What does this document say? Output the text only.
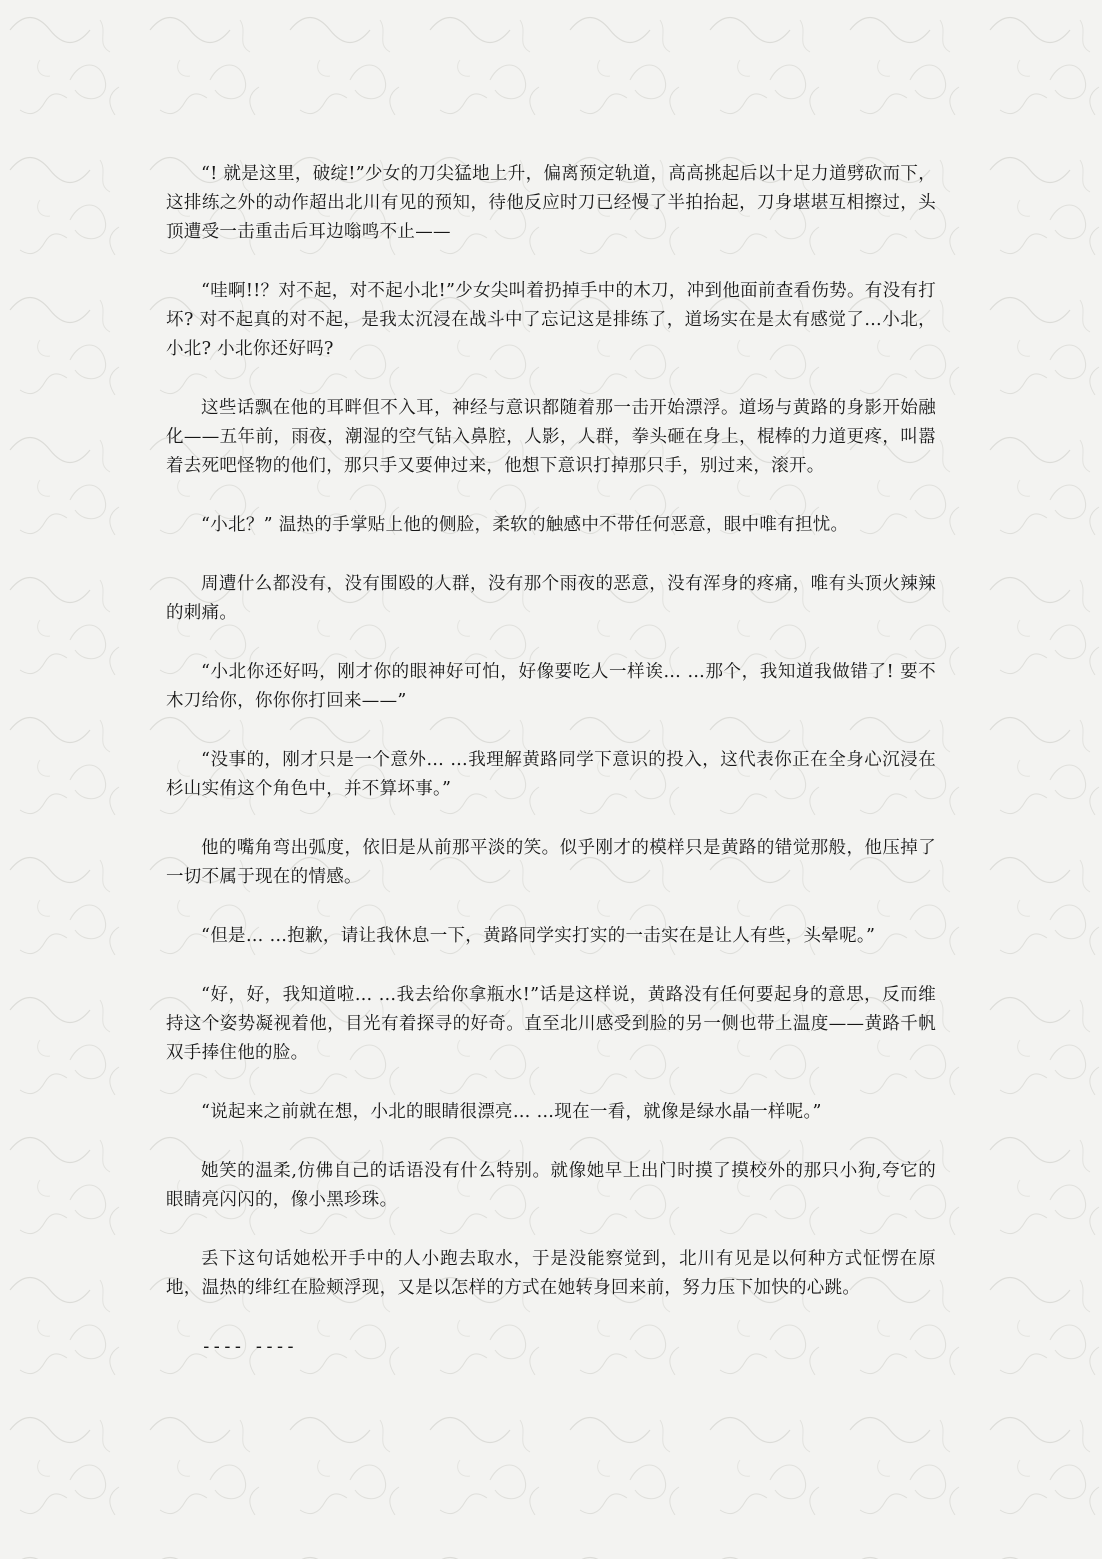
“! 就是这里，破绽!”少女的刀尖猛地上升，偏离预定轨道，高高挑起后以十足力道劈砍而下，这排练之外的动作超出北川有见的预知，待他反应时刀已经慢了半拍抬起，刀身堪堪互相擦过，头顶遭受一击重击后耳边嗡鸣不止——

“哇啊!!？对不起，对不起小北!”少女尖叫着扔掉手中的木刀，冲到他面前查看伤势。有没有打坏? 对不起真的对不起，是我太沉浸在战斗中了忘记这是排练了，道场实在是太有感觉了…小北，小北? 小北你还好吗?

这些话飘在他的耳畔但不入耳，神经与意识都随着那一击开始漂浮。道场与黄路的身影开始融化——五年前，雨夜，潮湿的空气钻入鼻腔，人影，人群，拳头砸在身上，棍棒的力道更疼，叫嚣着去死吧怪物的他们，那只手又要伸过来，他想下意识打掉那只手，别过来，滚开。

“小北？” 温热的手掌贴上他的侧脸，柔软的触感中不带任何恶意，眼中唯有担忧。

周遭什么都没有，没有围殴的人群，没有那个雨夜的恶意，没有浑身的疼痛，唯有头顶火辣辣的刺痛。

“小北你还好吗，刚才你的眼神好可怕，好像要吃人一样诶… …那个，我知道我做错了! 要不木刀给你，你你你打回来——”

“没事的，刚才只是一个意外… …我理解黄路同学下意识的投入，这代表你正在全身心沉浸在杉山实侑这个角色中，并不算坏事。”

他的嘴角弯出弧度，依旧是从前那平淡的笑。似乎刚才的模样只是黄路的错觉那般，他压掉了一切不属于现在的情感。

“但是… …抱歉，请让我休息一下，黄路同学实打实的一击实在是让人有些，头晕呢。”

“好，好，我知道啦… …我去给你拿瓶水!”话是这样说，黄路没有任何要起身的意思，反而维持这个姿势凝视着他，目光有着探寻的好奇。直至北川感受到脸的另一侧也带上温度——黄路千帆双手捧住他的脸。

“说起来之前就在想，小北的眼睛很漂亮… …现在一看，就像是绿水晶一样呢。”

她笑的温柔,仿佛自己的话语没有什么特别。就像她早上出门时摸了摸校外的那只小狗,夸它的眼睛亮闪闪的，像小黑珍珠。

丢下这句话她松开手中的人小跑去取水，于是没能察觉到，北川有见是以何种方式怔愣在原地，温热的绯红在脸颊浮现，又是以怎样的方式在她转身回来前，努力压下加快的心跳。

---- ----
